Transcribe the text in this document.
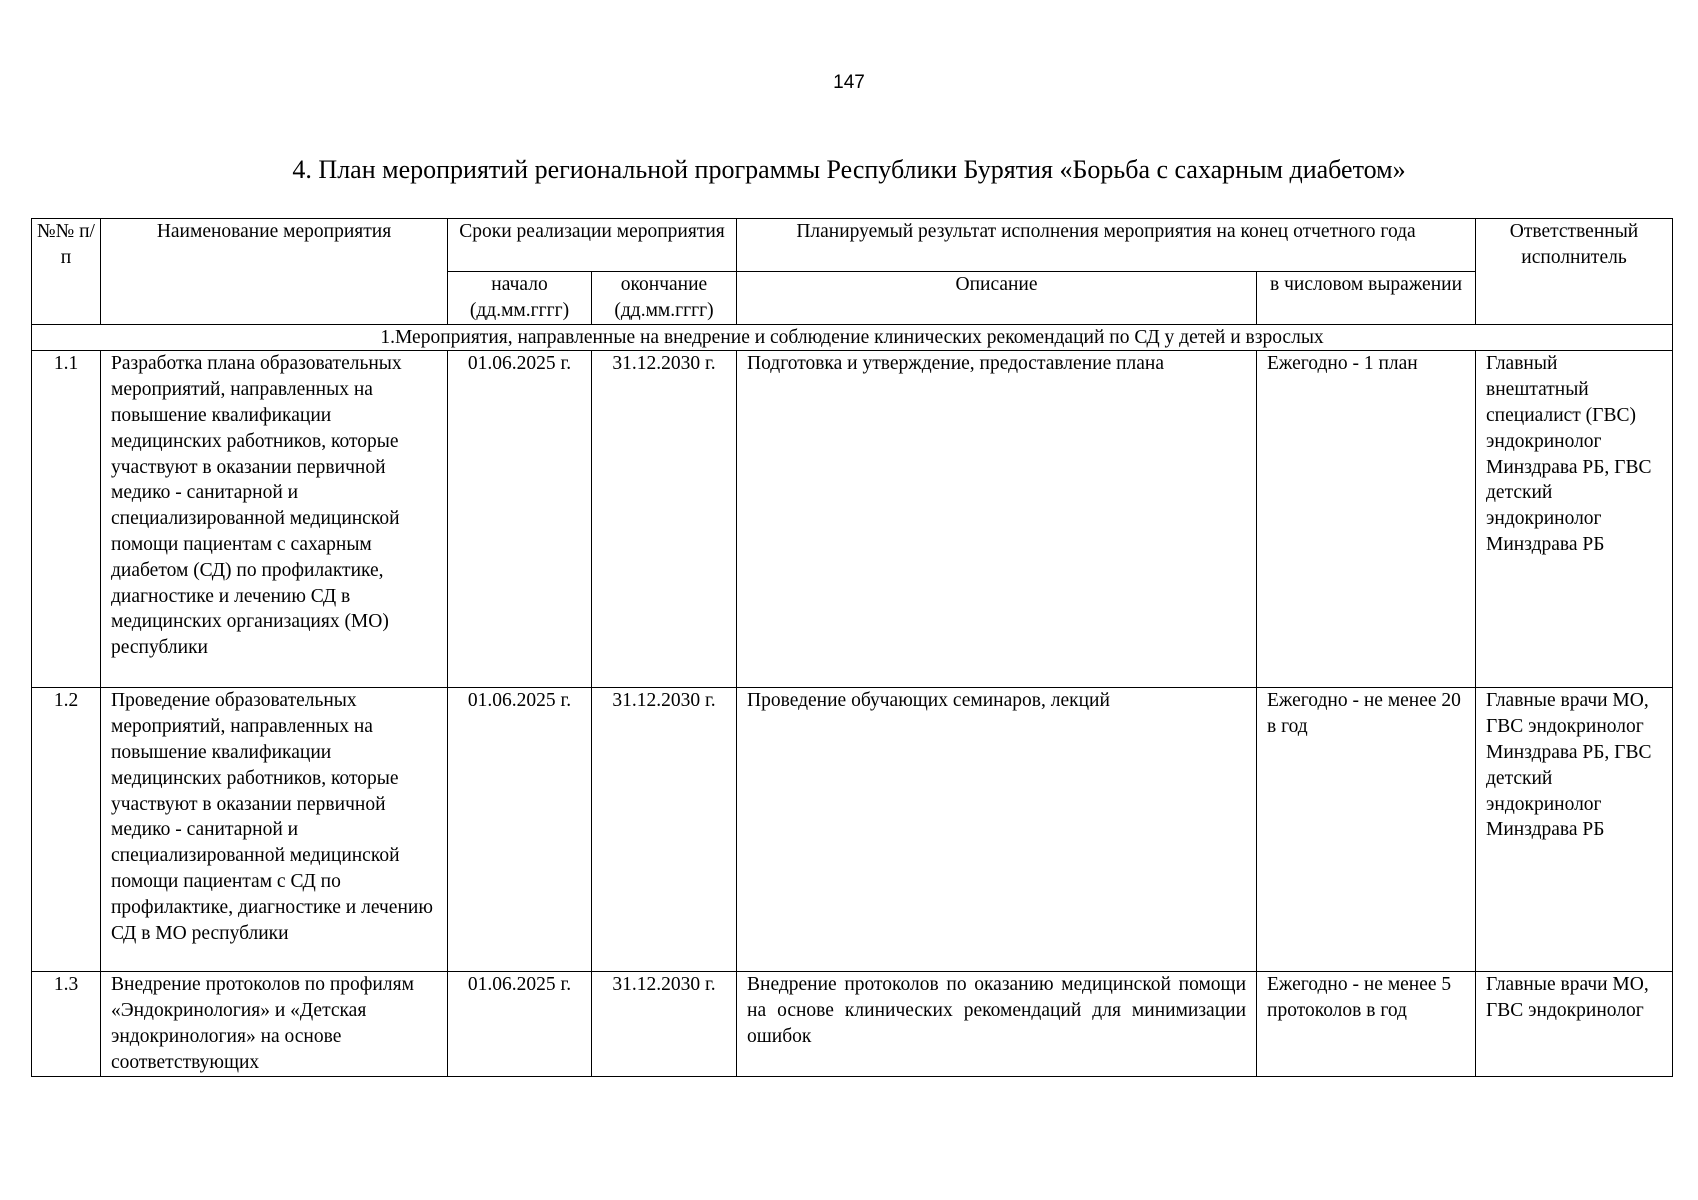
147
4. План мероприятий региональной программы Республики Бурятия «Борьба с сахарным диабетом»
№№ п/п	Наименование мероприятия	Сроки реализации мероприятия		Планируемый результат исполнения мероприятия на конец отчетного года		Ответственный исполнитель
		начало (дд.мм.гггг)	окончание (дд.мм.гггг)	Описание	в числовом выражении	
1.Мероприятия, направленные на внедрение и соблюдение клинических рекомендаций по СД у детей и взрослых						
1.1	Разработка плана образовательных мероприятий, направленных на повышение квалификации медицинских работников, которые участвуют в оказании первичной медико - санитарной и специализированной медицинской помощи пациентам с сахарным диабетом (СД) по профилактике, диагностике и лечению СД в медицинских организациях (МО) республики	01.06.2025 г.	31.12.2030 г.	Подготовка и утверждение, предоставление плана	Ежегодно - 1 план	Главный внештатный специалист (ГВС) эндокринолог Минздрава РБ, ГВС детский эндокринолог Минздрава РБ
1.2	Проведение образовательных мероприятий, направленных на повышение квалификации медицинских работников, которые участвуют в оказании первичной медико - санитарной и специализированной медицинской помощи пациентам с СД по профилактике, диагностике и лечению СД в МО республики	01.06.2025 г.	31.12.2030 г.	Проведение обучающих семинаров, лекций	Ежегодно - не менее 20 в год	Главные врачи МО, ГВС эндокринолог Минздрава РБ, ГВС детский эндокринолог Минздрава РБ
1.3	Внедрение протоколов по профилям «Эндокринология» и «Детская эндокринология» на основе соответствующих	01.06.2025 г.	31.12.2030 г.	Внедрение протоколов по оказанию медицинской помощи на основе клинических рекомендаций для минимизации ошибок	Ежегодно - не менее 5 протоколов в год	Главные врачи МО, ГВС эндокринолог
